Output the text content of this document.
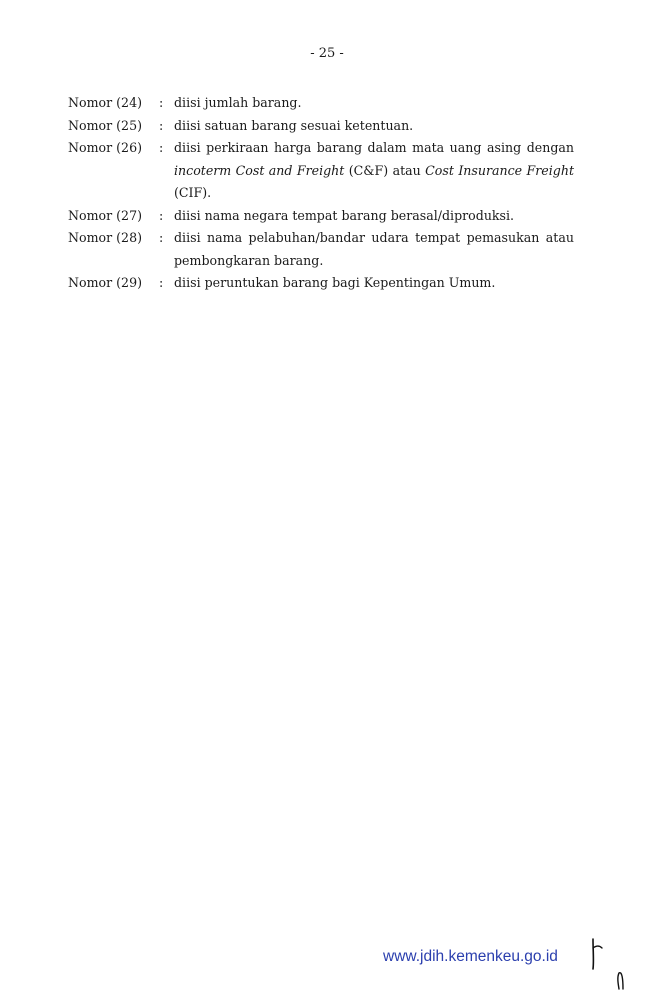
- 25 -
Nomor (24)	: diisi jumlah barang.
Nomor (25)	: diisi satuan barang sesuai ketentuan.
Nomor (26)	: diisi perkiraan harga barang dalam mata uang asing dengan incoterm Cost and Freight (C&F) atau Cost Insurance Freight (CIF).
Nomor (27)	: diisi nama negara tempat barang berasal/diproduksi.
Nomor (28)	: diisi nama pelabuhan/bandar udara tempat pemasukan atau pembongkaran barang.
Nomor (29)	: diisi peruntukan barang bagi Kepentingan Umum.
www.jdih.kemenkeu.go.id
